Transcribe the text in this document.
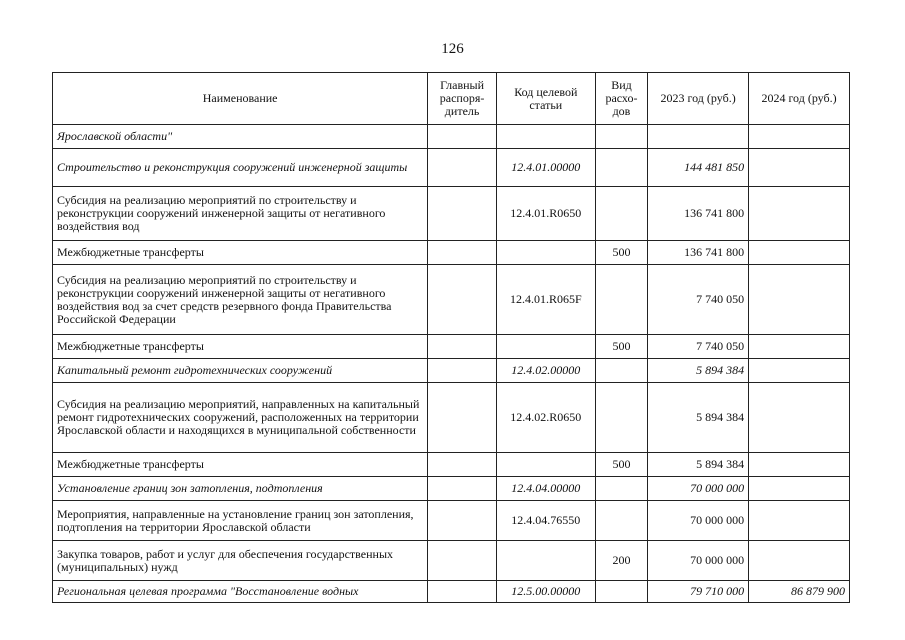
126
Наименование	Главный распоря-дитель	Код целевой статьи	Вид расхо-дов	2023 год (руб.)	2024 год (руб.)
Ярославской области"					
Строительство и реконструкция сооружений инженерной защиты		12.4.01.00000		144 481 850	
Субсидия на реализацию мероприятий по строительству и реконструкции сооружений инженерной защиты от негативного воздействия вод		12.4.01.R0650		136 741 800	
Межбюджетные трансферты			500	136 741 800	
Субсидия на реализацию мероприятий по строительству и реконструкции сооружений инженерной защиты от негативного воздействия вод за счет средств резервного фонда Правительства Российской Федерации		12.4.01.R065F		7 740 050	
Межбюджетные трансферты			500	7 740 050	
Капитальный ремонт гидротехнических сооружений		12.4.02.00000		5 894 384	
Субсидия на реализацию мероприятий, направленных на капитальный ремонт гидротехнических сооружений, расположенных на территории Ярославской области и находящихся в муниципальной собственности		12.4.02.R0650		5 894 384	
Межбюджетные трансферты			500	5 894 384	
Установление границ зон затопления, подтопления		12.4.04.00000		70 000 000	
Мероприятия, направленные на установление границ зон затопления, подтопления на территории Ярославской области		12.4.04.76550		70 000 000	
Закупка товаров, работ и услуг для обеспечения государственных (муниципальных) нужд			200	70 000 000	
Региональная целевая программа "Восстановление водных		12.5.00.00000		79 710 000	86 879 900
